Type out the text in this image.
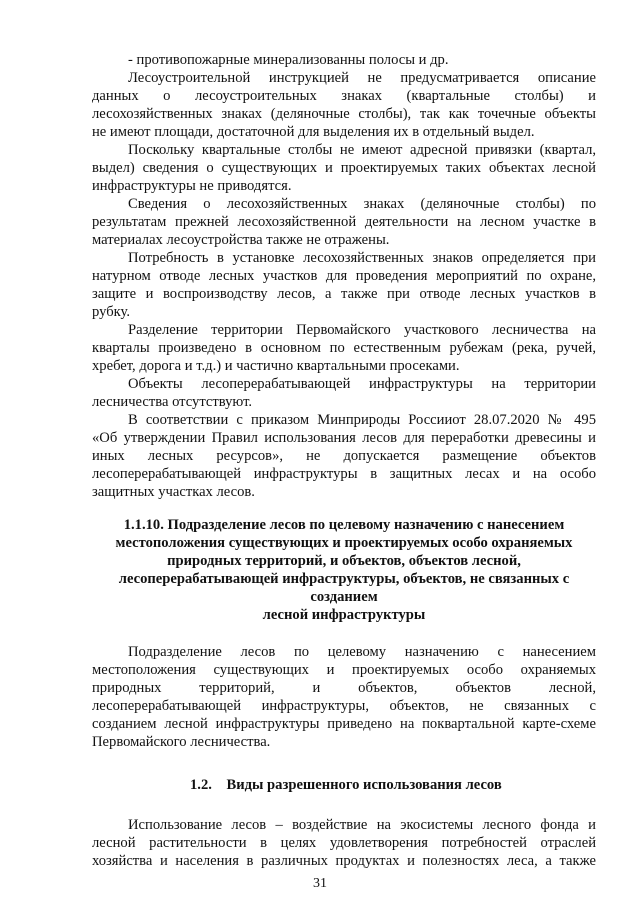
- противопожарные минерализованны полосы и др.

Лесоустроительной инструкцией не предусматривается описание

данных о лесоустроительных знаках (квартальные столбы) и

лесохозяйственных знаках (деляночные столбы), так как точечные объекты

не имеют площади, достаточной для выделения их в отдельный выдел.

Поскольку квартальные столбы не имеют адресной привязки (квартал,

выдел) сведения о существующих и проектируемых таких объектах лесной

инфраструктуры не приводятся.

Сведения о лесохозяйственных знаках (деляночные столбы) по

результатам прежней лесохозяйственной деятельности на лесном участке в

материалах лесоустройства также не отражены.

Потребность в установке лесохозяйственных знаков определяется при

натурном отводе лесных участков для проведения мероприятий по охране,

защите и воспроизводству лесов, а также при отводе лесных участков в

рубку.

Разделение территории Первомайского участкового лесничества на

кварталы произведено в основном по естественным рубежам (река, ручей,

хребет, дорога и т.д.) и частично квартальными просеками.

Объекты лесоперерабатывающей инфраструктуры на территории

лесничества отсутствуют.

В соответствии с приказом Минприроды Россииот 28.07.2020 № 495

«Об утверждении Правил использования лесов для переработки древесины и

иных лесных ресурсов», не допускается размещение объектов

лесоперерабатывающей инфраструктуры в защитных лесах и на особо

защитных участках лесов.

1.1.10. Подразделение лесов по целевому назначению с нанесением

местоположения существующих и проектируемых особо охраняемых

природных территорий, и объектов, объектов лесной,

лесоперерабатывающей инфраструктуры, объектов, не связанных с

созданием

лесной инфраструктуры

Подразделение лесов по целевому назначению с нанесением

местоположения существующих и проектируемых особо охраняемых

природных территорий, и объектов, объектов лесной,

лесоперерабатывающей инфраструктуры, объектов, не связанных с

созданием лесной инфраструктуры приведено на поквартальной карте-схеме

Первомайского лесничества.

1.2.    Виды разрешенного использования лесов

Использование лесов – воздействие на экосистемы лесного фонда и

лесной растительности в целях удовлетворения потребностей отраслей

хозяйства и населения в различных продуктах и полезностях леса, а также

31
